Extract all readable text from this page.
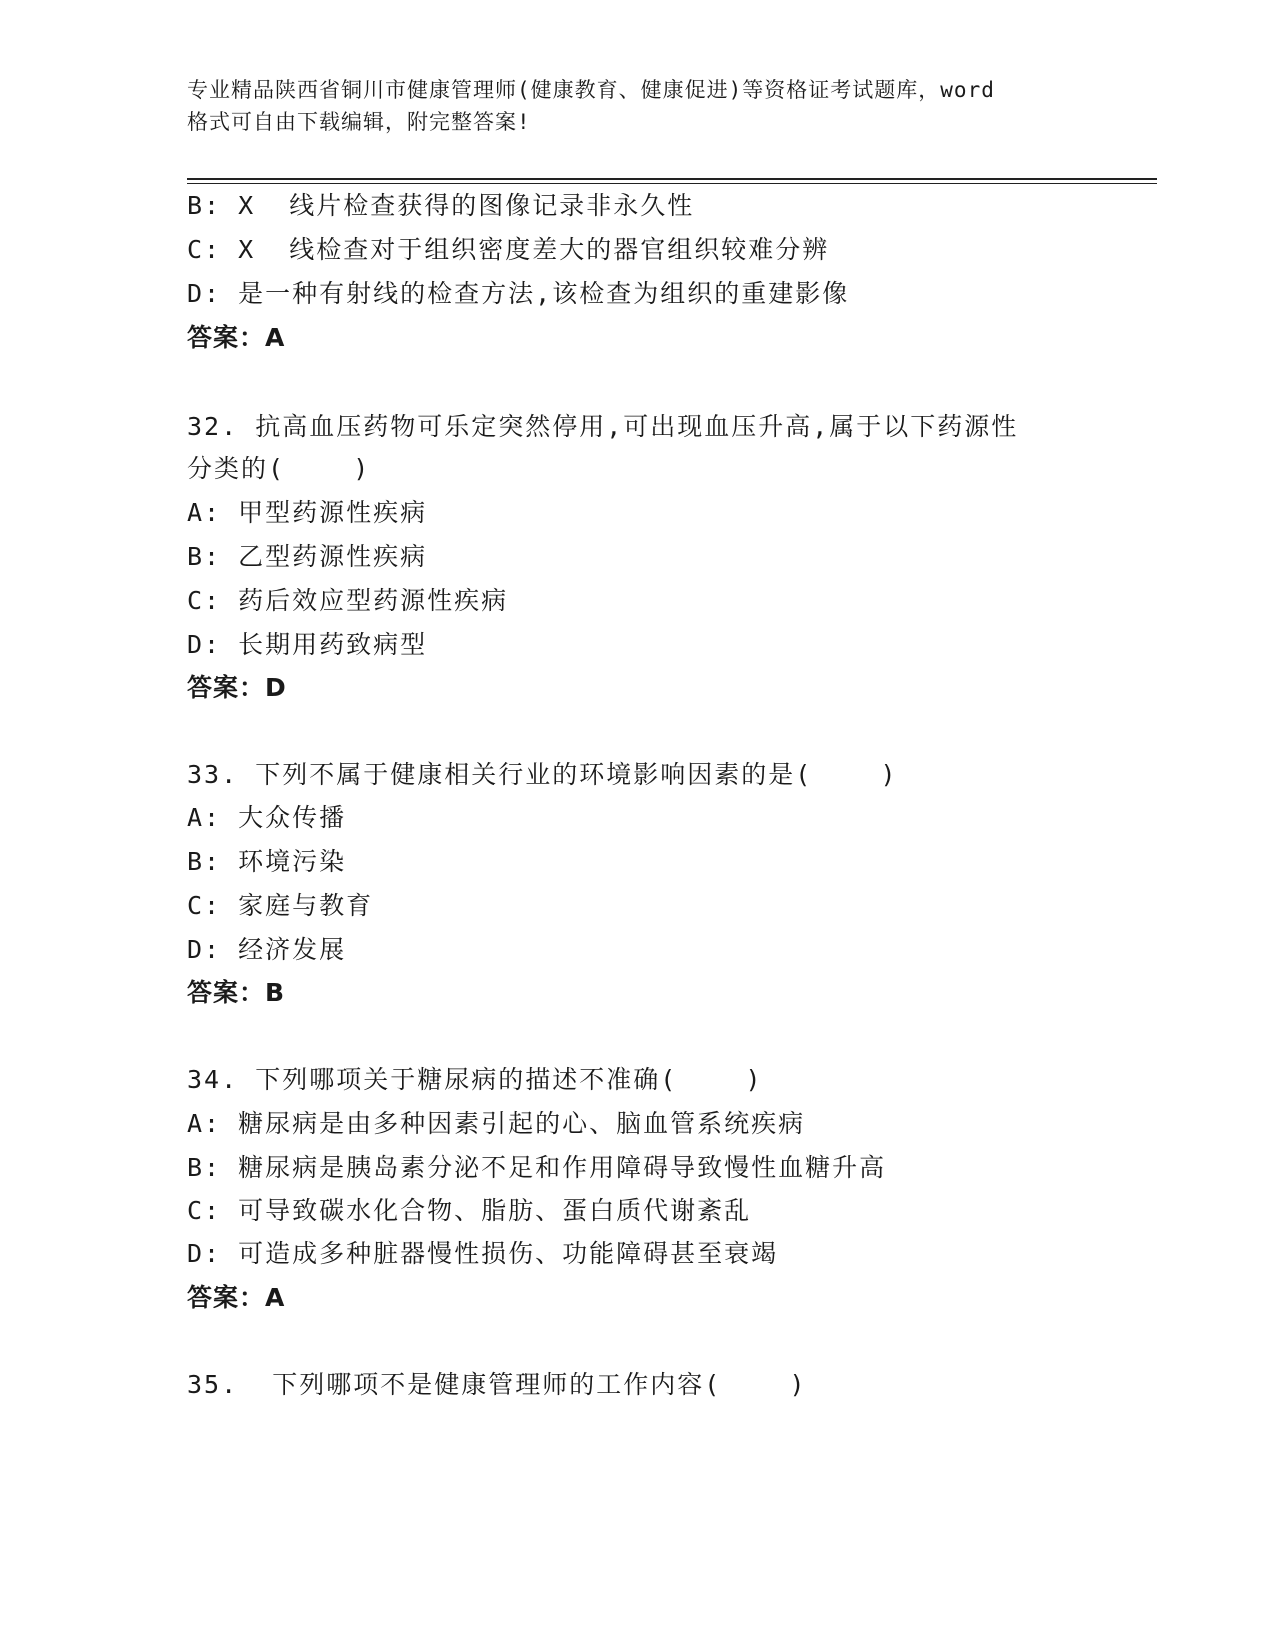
专业精品陕西省铜川市健康管理师(健康教育、健康促进)等资格证考试题库，word
格式可自由下载编辑，附完整答案!
B: X  线片检查获得的图像记录非永久性
C: X  线检查对于组织密度差大的器官组织较难分辨
D: 是一种有射线的检查方法,该检查为组织的重建影像
答案：A
32. 抗高血压药物可乐定突然停用,可出现血压升高,属于以下药源性
分类的(    )
A: 甲型药源性疾病
B: 乙型药源性疾病
C: 药后效应型药源性疾病
D: 长期用药致病型
答案：D
33. 下列不属于健康相关行业的环境影响因素的是(    )
A: 大众传播
B: 环境污染
C: 家庭与教育
D: 经济发展
答案：B
34. 下列哪项关于糖尿病的描述不准确(    )
A: 糖尿病是由多种因素引起的心、脑血管系统疾病
B: 糖尿病是胰岛素分泌不足和作用障碍导致慢性血糖升高
C: 可导致碳水化合物、脂肪、蛋白质代谢紊乱
D: 可造成多种脏器慢性损伤、功能障碍甚至衰竭
答案：A
35.  下列哪项不是健康管理师的工作内容(    )
